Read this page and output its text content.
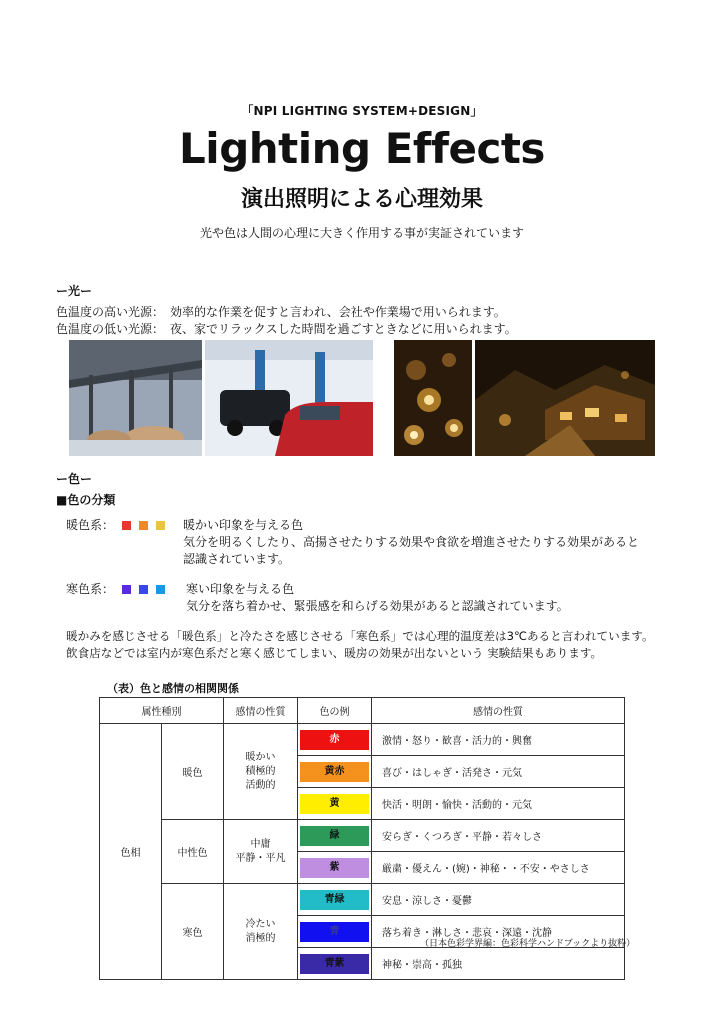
「NPI LIGHTING SYSTEM+DESIGN」
Lighting Effects
演出照明による心理効果
光や色は人間の心理に大きく作用する事が実証されています
ー光ー
色温度の高い光源：　効率的な作業を促すと言われ、会社や作業場で用いられます。
色温度の低い光源：　夜、家でリラックスした時間を過ごすときなどに用いられます。
ー色ー
■色の分類
暖色系：	暖かい印象を与える色
気分を明るくしたり、高揚させたりする効果や食欲を増進させたりする効果があると
認識されています。
寒色系：	寒い印象を与える色
気分を落ち着かせ、緊張感を和らげる効果があると認識されています。
暖かみを感じさせる「暖色系」と冷たさを感じさせる「寒色系」では心理的温度差は3℃あると言われています。
飲食店などでは室内が寒色系だと寒く感じてしまい、暖房の効果が出ないという 実験結果もあります。
（表）色と感情の相関関係
属性種別		感情の性質	色の例	感情の性質
色相	暖色	暖かい
積極的
活動的	赤	激情・怒り・歓喜・活力的・興奮

			黄赤	喜び・はしゃぎ・活発さ・元気

			黄	快活・明朗・愉快・活動的・元気
	中性色	中庸
平静・平凡	緑	安らぎ・くつろぎ・平静・若々しさ

			紫	厳粛・優えん・(婉)・神秘・・不安・やさしさ
	寒色	冷たい
消極的	青緑	安息・涼しさ・憂鬱

			青	落ち着き・淋しさ・悲哀・深遠・沈静

			青紫	神秘・崇高・孤独
（日本色彩学界編：色彩科学ハンドブックより抜粋）
